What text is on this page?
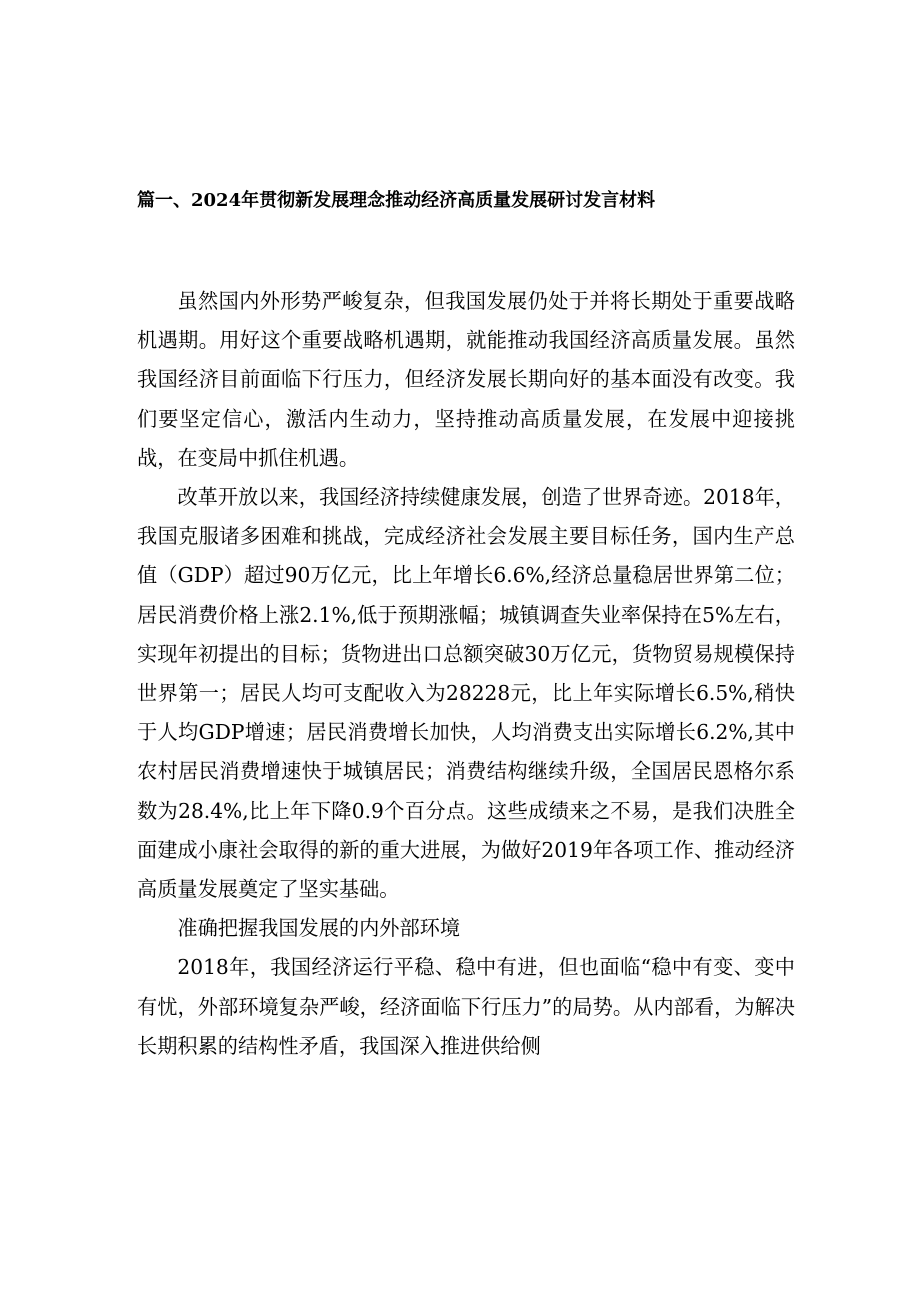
篇一、2024年贯彻新发展理念推动经济高质量发展研讨发言材料

虽然国内外形势严峻复杂，但我国发展仍处于并将长期处于重要战略机遇期。用好这个重要战略机遇期，就能推动我国经济高质量发展。虽然我国经济目前面临下行压力，但经济发展长期向好的基本面没有改变。我们要坚定信心，激活内生动力，坚持推动高质量发展，在发展中迎接挑战，在变局中抓住机遇。

改革开放以来，我国经济持续健康发展，创造了世界奇迹。2018年，我国克服诸多困难和挑战，完成经济社会发展主要目标任务，国内生产总值（GDP）超过90万亿元，比上年增长6.6%,经济总量稳居世界第二位；居民消费价格上涨2.1%,低于预期涨幅；城镇调查失业率保持在5%左右，实现年初提出的目标；货物进出口总额突破30万亿元，货物贸易规模保持世界第一；居民人均可支配收入为28228元，比上年实际增长6.5%,稍快于人均GDP增速；居民消费增长加快，人均消费支出实际增长6.2%,其中农村居民消费增速快于城镇居民；消费结构继续升级，全国居民恩格尔系数为28.4%,比上年下降0.9个百分点。这些成绩来之不易，是我们决胜全面建成小康社会取得的新的重大进展，为做好2019年各项工作、推动经济高质量发展奠定了坚实基础。

准确把握我国发展的内外部环境

2018年，我国经济运行平稳、稳中有进，但也面临“稳中有变、变中有忧，外部环境复杂严峻，经济面临下行压力”的局势。从内部看，为解决长期积累的结构性矛盾，我国深入推进供给侧
